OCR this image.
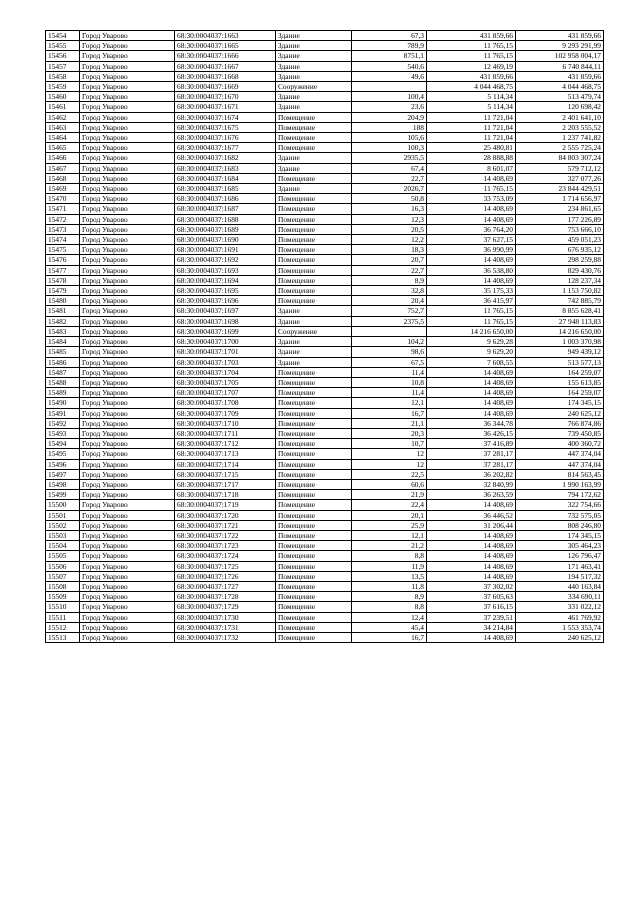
15454	Город Уварово	68:30:0004037:1663	Здание	67,3	431 859,66	431 859,66
15455	Город Уварово	68:30:0004037:1665	Здание	789,9	11 765,15	9 293 291,99
15456	Город Уварово	68:30:0004037:1666	Здание	8751,1	11 765,15	102 958 004,17
15457	Город Уварово	68:30:0004037:1667	Здание	540,6	12 469,19	6 740 844,11
15458	Город Уварово	68:30:0004037:1668	Здание	49,6	431 859,66	431 859,66
15459	Город Уварово	68:30:0004037:1669	Сооружение		4 044 468,75	4 044 468,75
15460	Город Уварово	68:30:0004037:1670	Здание	100,4	5 114,34	513 479,74
15461	Город Уварово	68:30:0004037:1671	Здание	23,6	5 114,34	120 698,42
15462	Город Уварово	68:30:0004037:1674	Помещение	204,9	11 721,04	2 401 641,10
15463	Город Уварово	68:30:0004037:1675	Помещение	188	11 721,04	2 203 555,52
15464	Город Уварово	68:30:0004037:1676	Помещение	105,6	11 721,04	1 237 741,82
15465	Город Уварово	68:30:0004037:1677	Помещение	100,3	25 480,81	2 555 725,24
15466	Город Уварово	68:30:0004037:1682	Здание	2935,5	28 888,88	84 803 307,24
15467	Город Уварово	68:30:0004037:1683	Здание	67,4	8 601,07	579 712,12
15468	Город Уварово	68:30:0004037:1684	Помещение	22,7	14 408,69	327 077,26
15469	Город Уварово	68:30:0004037:1685	Здание	2026,7	11 765,15	23 844 429,51
15470	Город Уварово	68:30:0004037:1686	Помещение	50,8	33 753,09	1 714 656,97
15471	Город Уварово	68:30:0004037:1687	Помещение	16,3	14 408,69	234 861,65
15472	Город Уварово	68:30:0004037:1688	Помещение	12,3	14 408,69	177 226,89
15473	Город Уварово	68:30:0004037:1689	Помещение	20,5	36 764,20	753 666,10
15474	Город Уварово	68:30:0004037:1690	Помещение	12,2	37 627,15	459 051,23
15475	Город Уварово	68:30:0004037:1691	Помещение	18,3	36 990,99	676 935,12
15476	Город Уварово	68:30:0004037:1692	Помещение	20,7	14 408,69	298 259,88
15477	Город Уварово	68:30:0004037:1693	Помещение	22,7	36 538,80	829 430,76
15478	Город Уварово	68:30:0004037:1694	Помещение	8,9	14 408,69	128 237,34
15479	Город Уварово	68:30:0004037:1695	Помещение	32,8	35 175,33	1 153 750,82
15480	Город Уварово	68:30:0004037:1696	Помещение	20,4	36 415,97	742 885,79
15481	Город Уварово	68:30:0004037:1697	Здание	752,7	11 765,15	8 855 628,41
15482	Город Уварово	68:30:0004037:1698	Здание	2375,5	11 765,15	27 948 113,83
15483	Город Уварово	68:30:0004037:1699	Сооружение		14 216 650,00	14 216 650,00
15484	Город Уварово	68:30:0004037:1700	Здание	104,2	9 629,28	1 003 370,98
15485	Город Уварово	68:30:0004037:1701	Здание	98,6	9 629,20	949 439,12
15486	Город Уварово	68:30:0004037:1703	Здание	67,5	7 608,55	513 577,13
15487	Город Уварово	68:30:0004037:1704	Помещение	11,4	14 408,69	164 259,07
15488	Город Уварово	68:30:0004037:1705	Помещение	10,8	14 408,69	155 613,85
15489	Город Уварово	68:30:0004037:1707	Помещение	11,4	14 408,69	164 259,07
15490	Город Уварово	68:30:0004037:1708	Помещение	12,1	14 408,69	174 345,15
15491	Город Уварово	68:30:0004037:1709	Помещение	16,7	14 408,69	240 625,12
15492	Город Уварово	68:30:0004037:1710	Помещение	21,1	36 344,78	766 874,86
15493	Город Уварово	68:30:0004037:1711	Помещение	20,3	36 426,15	739 450,85
15494	Город Уварово	68:30:0004037:1712	Помещение	10,7	37 416,89	400 360,72
15495	Город Уварово	68:30:0004037:1713	Помещение	12	37 281,17	447 374,04
15496	Город Уварово	68:30:0004037:1714	Помещение	12	37 281,17	447 374,04
15497	Город Уварово	68:30:0004037:1715	Помещение	22,5	36 202,82	814 563,45
15498	Город Уварово	68:30:0004037:1717	Помещение	60,6	32 840,99	1 990 163,99
15499	Город Уварово	68:30:0004037:1718	Помещение	21,9	36 263,59	794 172,62
15500	Город Уварово	68:30:0004037:1719	Помещение	22,4	14 408,69	322 754,66
15501	Город Уварово	68:30:0004037:1720	Помещение	20,1	36 446,52	732 575,05
15502	Город Уварово	68:30:0004037:1721	Помещение	25,9	31 206,44	808 246,80
15503	Город Уварово	68:30:0004037:1722	Помещение	12,1	14 408,69	174 345,15
15504	Город Уварово	68:30:0004037:1723	Помещение	21,2	14 408,69	305 464,23
15505	Город Уварово	68:30:0004037:1724	Помещение	8,8	14 408,69	126 796,47
15506	Город Уварово	68:30:0004037:1725	Помещение	11,9	14 408,69	171 463,41
15507	Город Уварово	68:30:0004037:1726	Помещение	13,5	14 408,69	194 517,32
15508	Город Уварово	68:30:0004037:1727	Помещение	11,8	37 302,02	440 163,84
15509	Город Уварово	68:30:0004037:1728	Помещение	8,9	37 605,63	334 690,11
15510	Город Уварово	68:30:0004037:1729	Помещение	8,8	37 616,15	331 022,12
15511	Город Уварово	68:30:0004037:1730	Помещение	12,4	37 239,51	461 769,92
15512	Город Уварово	68:30:0004037:1731	Помещение	45,4	34 214,84	1 553 353,74
15513	Город Уварово	68:30:0004037:1732	Помещение	16,7	14 408,69	240 625,12
